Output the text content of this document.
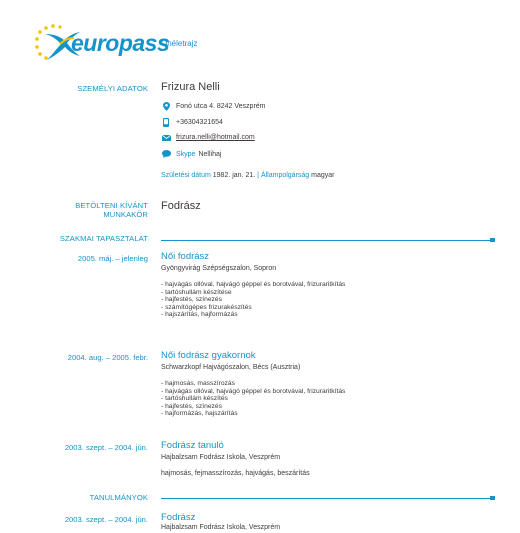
europass
Önéletrajz
SZEMÉLYI ADATOK Frizura Nelli
Fonó utca 4. 8242 Veszprém
+36304321654
frizura.nelli@hotmail.com
Skype Nellihaj
Születési dátum 1982. jan. 21. | Állampolgárság magyar
BETÖLTENI KÍVÁNT
MUNKAKÖR
Fodrász
SZAKMAI TAPASZTALAT
2005. máj. – jelenleg Női fodrász
Gyöngyvirág Szépségszalon, Sopron
- hajvágás ollóval, hajvágó géppel és borotvával, frizuraritkítás
- tartóshullám készítése
- hajfestés, színezés
- számítógépes frizurakészítés
- hajszárítás, hajformázás
2004. aug. – 2005. febr. Női fodrász gyakornok
Schwarzkopf Hajvágószalon, Bécs (Ausztria)
- hajmosás, masszírozás
- hajvágás ollóval, hajvágó géppel és borotvával, frizuraritkítás
- tartóshullám készítés
- hajfestés, színezés
- hajformázás, hajszárítás
2003. szept. – 2004. jún. Fodrász tanuló
Hajbalzsam Fodrász Iskola, Veszprém
hajmosás, fejmasszírozás, hajvágás, beszárítás
TANULMÁNYOK
2003. szept. – 2004. jún. Fodrász
Hajbalzsam Fodrász Iskola, Veszprém
